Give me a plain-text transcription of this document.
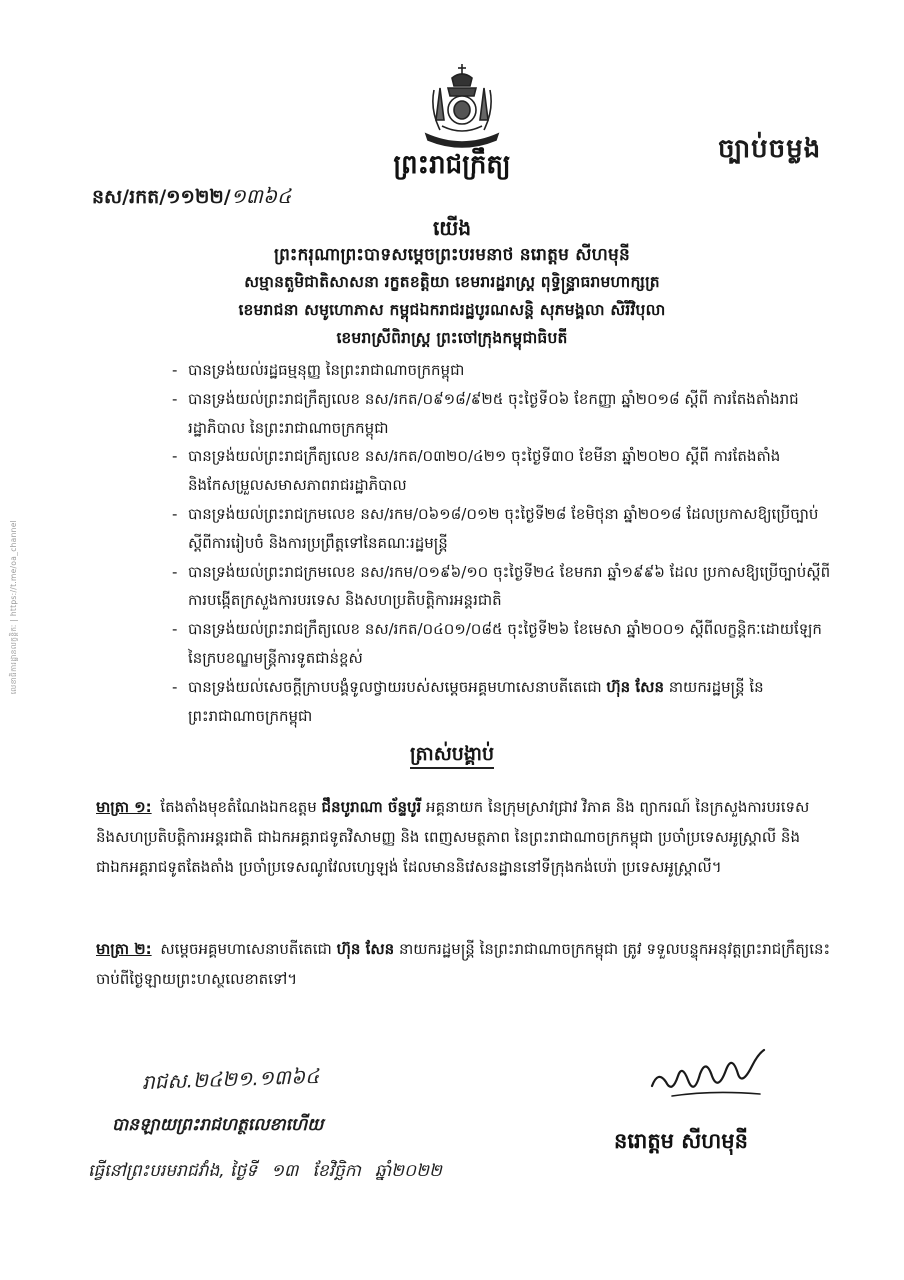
ព្រះរាជក្រឹត្យ
ច្បាប់ចម្លង
នស/រកត/១១២២/១៣៦៤
យើង
ព្រះករុណាព្រះបាទសម្តេចព្រះបរមនាថ នរោត្តម សីហមុនី
សម្មានតួមិជាតិសាសនា រក្ខតខត្តិយា ខេមរារដ្ឋរាស្ត្រ ពុទ្ធិន្ទ្រាធរាមហាក្សត្រ
ខេមរាជនា សមូហោភាស កម្ពុជឯករាជរដ្ឋបូរណសន្តិ សុភមង្គលា សិរីវិបុលា
ខេមរាស្រីពិរាស្ត្រ ព្រះចៅក្រុងកម្ពុជាធិបតី
- បានទ្រង់យល់រដ្ឋធម្មនុញ្ញ នៃព្រះរាជាណាចក្រកម្ពុជា
- បានទ្រង់យល់ព្រះរាជក្រឹត្យលេខ នស/រកត/០៩១៨/៩២៥ ចុះថ្ងៃទី០៦ ខែកញ្ញា ឆ្នាំ២០១៨ ស្តីពី ការតែងតាំងរាជរដ្ឋាភិបាល នៃព្រះរាជាណាចក្រកម្ពុជា
- បានទ្រង់យល់ព្រះរាជក្រឹត្យលេខ នស/រកត/០៣២០/៤២១ ចុះថ្ងៃទី៣០ ខែមីនា ឆ្នាំ២០២០ ស្តីពី ការតែងតាំង និងកែសម្រួលសមាសភាពរាជរដ្ឋាភិបាល
- បានទ្រង់យល់ព្រះរាជក្រមលេខ នស/រកម/០៦១៨/០១២ ចុះថ្ងៃទី២៨ ខែមិថុនា ឆ្នាំ២០១៨ ដែលប្រកាសឱ្យប្រើច្បាប់ស្តីពីការរៀបចំ និងការប្រព្រឹត្តទៅនៃគណៈរដ្ឋមន្ត្រី
- បានទ្រង់យល់ព្រះរាជក្រមលេខ នស/រកម/០១៩៦/១០ ចុះថ្ងៃទី២៤ ខែមករា ឆ្នាំ១៩៩៦ ដែល ប្រកាសឱ្យប្រើច្បាប់ស្តីពីការបង្កើតក្រសួងការបរទេស និងសហប្រតិបត្តិការអន្តរជាតិ
- បានទ្រង់យល់ព្រះរាជក្រឹត្យលេខ នស/រកត/០៤០១/០៨៥ ចុះថ្ងៃទី២៦ ខែមេសា ឆ្នាំ២០០១ ស្តីពីលក្ខន្តិកៈដោយឡែក នៃក្របខណ្ឌមន្ត្រីការទូតជាន់ខ្ពស់
- បានទ្រង់យល់សេចក្តីក្រាបបង្គំទូលថ្វាយរបស់សម្តេចអគ្គមហាសេនាបតីតេជោ ហ៊ុន សែន នាយករដ្ឋមន្ត្រី នៃព្រះរាជាណាចក្រកម្ពុជា
ត្រាស់បង្គាប់
មាត្រា ១: តែងតាំងមុខតំណែងឯកឧត្តម ជឹនបូរាណា ច័ន្ទបូរី អគ្គនាយក នៃក្រុមស្រាវជ្រាវ វិភាគ និង ព្យាករណ៍ នៃក្រសួងការបរទេស និងសហប្រតិបត្តិការអន្តរជាតិ ជាឯកអគ្គរាជទូតវិសាមញ្ញ និង ពេញសមត្ថភាព នៃព្រះរាជាណាចក្រកម្ពុជា ប្រចាំប្រទេសអូស្ត្រាលី និងជាឯកអគ្គរាជទូតតែងតាំង ប្រចាំប្រទេសណូវែលហ្សេឡង់ ដែលមាននិវេសនដ្ឋាននៅទីក្រុងកង់បេរ៉ា ប្រទេសអូស្ត្រាលី។
មាត្រា ២: សម្តេចអគ្គមហាសេនាបតីតេជោ ហ៊ុន សែន នាយករដ្ឋមន្ត្រី នៃព្រះរាជាណាចក្រកម្ពុជា ត្រូវ ទទួលបន្ទុកអនុវត្តព្រះរាជក្រឹត្យនេះ ចាប់ពីថ្ងៃឡាយព្រះហស្ថលេខាតទៅ។
រាជស.២៤២១.១៣៦៤
បានឡាយព្រះរាជហត្ថលេខាហើយ
ធ្វើនៅព្រះបរមរាជវាំង, ថ្ងៃទី ១៣ ខែវិច្ឆិកា ឆ្នាំ២០២២
នរោត្តម សីហមុនី
លេខាធិការដ្ឋានលក្ខន្តិកៈ | https://t.me/oa_channel
